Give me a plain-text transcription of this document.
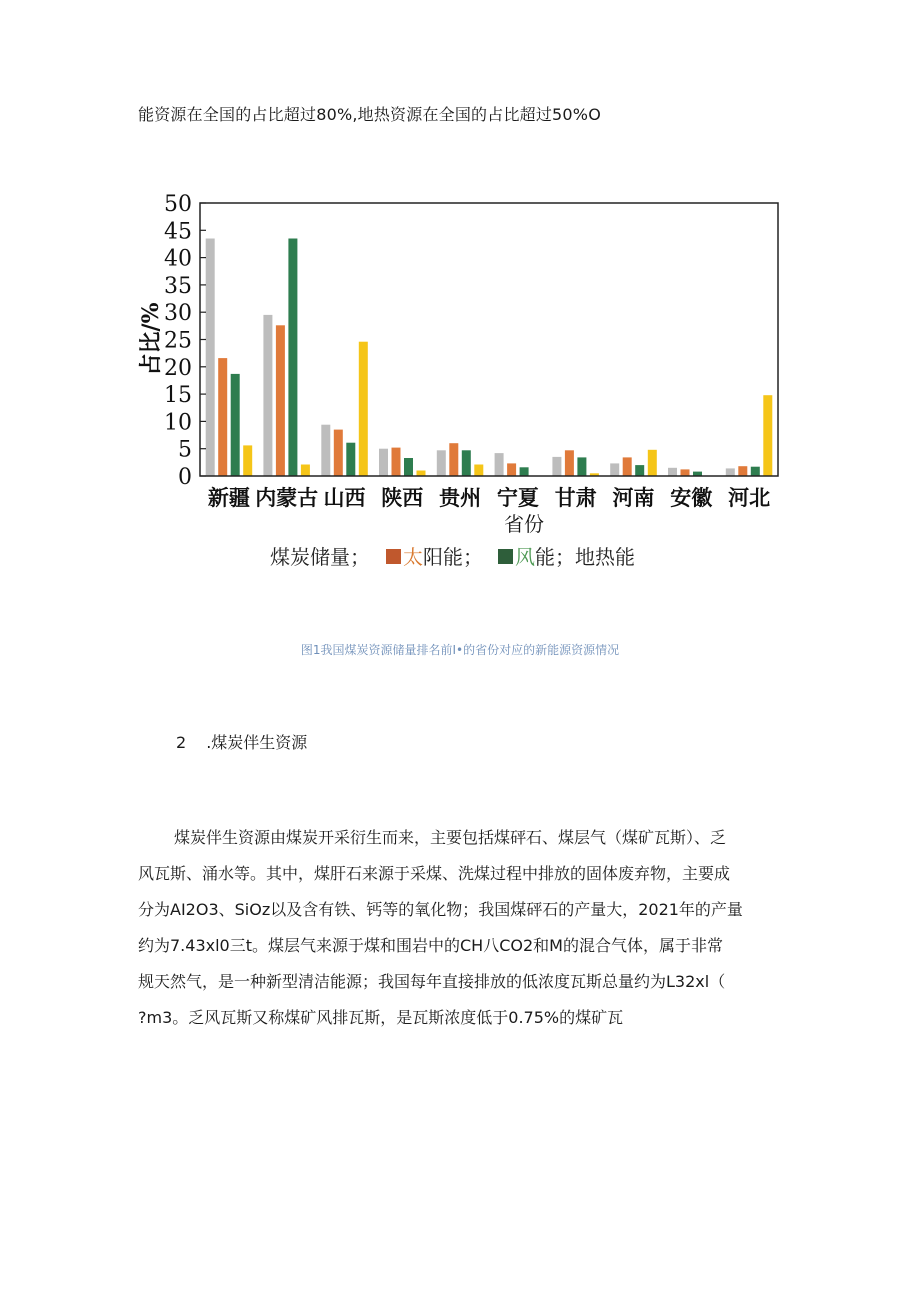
能资源在全国的占比超过80%,地热资源在全国的占比超过50%O
0
5
10
15
20
25
30
35
40
45
50
新疆 内蒙古 山西 陕西 贵州 宁夏 甘肃 河南 安徽 河北
占比/%
省份
煤炭储量； 太 阳能； 风 能；地热能
图1我国煤炭资源储量排名前I•的省份对应的新能源资源情况
2 .煤炭伴生资源

煤炭伴生资源由煤炭开采衍生而来，主要包括煤砰石、煤层气（煤矿瓦斯）、乏
风瓦斯、涌水等。其中，煤肝石来源于采煤、洗煤过程中排放的固体废弃物，主要成
分为AI2O3、SiOz以及含有铁、钙等的氧化物；我国煤砰石的产量大，2021年的产量
约为7.43xl0三t。煤层气来源于煤和围岩中的CH八CO2和M的混合气体，属于非常
规天然气，是一种新型清洁能源；我国每年直接排放的低浓度瓦斯总量约为L32xl（
?m3。乏风瓦斯又称煤矿风排瓦斯，是瓦斯浓度低于0.75%的煤矿瓦
